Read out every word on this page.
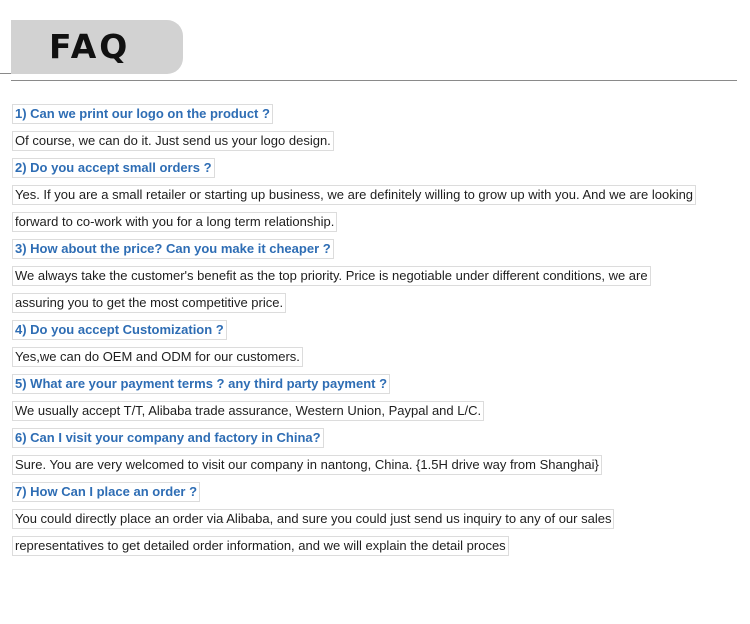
FAQ
1) Can we print our logo on the product ?
Of course, we can do it. Just send us your logo design.
2) Do you accept small orders ?
Yes. If you are a small retailer or starting up business, we are definitely willing to grow up with you. And we are looking
forward to co-work with you for a long term relationship.
3) How about the price? Can you make it cheaper ?
We always take the customer's benefit as the top priority. Price is negotiable under different conditions, we are
assuring you to get the most competitive price.
4) Do you accept Customization ?
Yes,we can do OEM and ODM for our customers.
5) What are your payment terms ? any third party payment ?
We usually accept T/T, Alibaba trade assurance, Western Union, Paypal and L/C.
6) Can I visit your company and factory in China?
Sure. You are very welcomed to visit our company in nantong, China. {1.5H drive way from Shanghai}
7) How Can I place an order ?
You could directly place an order via Alibaba, and sure you could just send us inquiry to any of our sales
representatives to get detailed order information, and we will explain the detail proces
